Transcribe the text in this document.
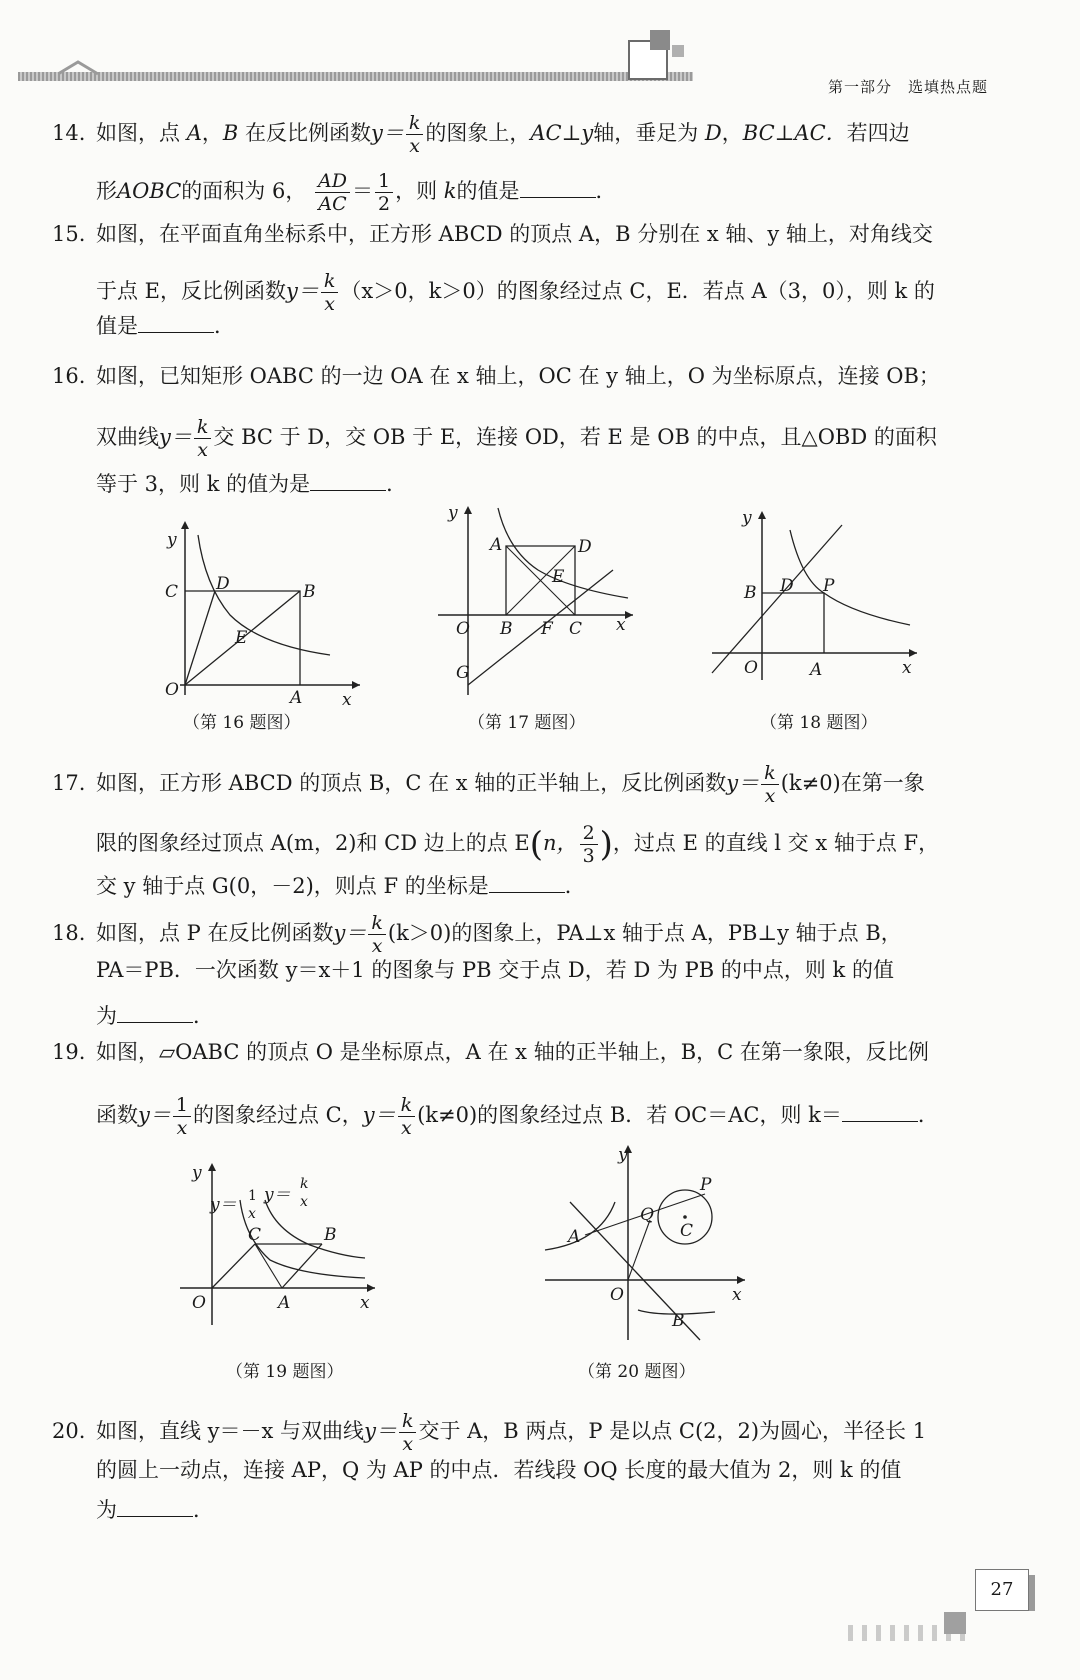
第一部分　选填热点题
14. 如图，点 A，B 在反比例函数$y= \frac{k}{x}$ 的图象上，AC⊥y轴，垂足为 D，BC⊥AC．若四边
形AOBC的面积为 6， $\frac{AD}{AC} = \frac{1}{2}$ ，则 k的值是	．
15. 如图，在平面直角坐标系中，正方形 ABCD 的顶点 A，B 分别在 x 轴、y 轴上，对角线交
于点 E，反比例函数$y= \frac{k}{x} (x>0$，k＞0）的图象经过点 C，E．若点 A（3，0），则 k 的
值是	．
16. 如图，已知矩形 OABC 的一边 OA 在 x 轴上，OC 在 y 轴上，O 为坐标原点，连接 OB；
双曲线$y= \frac{k}{x}$ 交 BC 于 D，交 OB 于 E，连接 OD，若 E 是 OB 的中点，且△OBD 的面积
等于 3，则 k 的值为是	．
y
x
C D	B
E
O	A
（第 16 题图）
y
x
A	D
E
O B F C
G
（第 17 题图）
y
x
B D P
O	A
（第 18 题图）
17. 如图，正方形 ABCD 的顶点 B，C 在 x 轴的正半轴上，反比例函数$y= \frac{k}{x} (k\ne 0)$在第一象
限的图象经过顶点 A(m，2)和 CD 边上的点 E(n， $\frac{2}{3}$ )，过点 E 的直线 l 交 x 轴于点 F，
交 y 轴于点 G(0，－2)，则点 F 的坐标是	．
18. 如图，点 P 在反比例函数$y= \frac{k}{x} (k>0)$的图象上，PA⊥x 轴于点 A，PB⊥y 轴于点 B，
PA＝PB．一次函数 y＝x＋1 的图象与 PB 交于点 D，若 D 为 PB 的中点，则 k 的值
为	．
19. 如图，▱OABC 的顶点 O 是坐标原点，A 在 x 轴的正半轴上，B，C 在第一象限，反比例
函数$y= \frac{1}{x}$ 的图象经过点 C，$y= \frac{k}{x} (k\ne 0)$的图象经过点 B．若 OC＝AC，则 k＝	．
y
x
O	A
C	B
y＝ 1
x
y＝
k
x
（第 19 题图）
y
x
O
A
B
Q
P
C
（第 20 题图）
20. 如图，直线 y＝－x 与双曲线$y= \frac{k}{x}$ 交于 A，B 两点，P 是以点 C(2，2)为圆心，半径长 1
的圆上一动点，连接 AP，Q 为 AP 的中点．若线段 OQ 长度的最大值为 2，则 k 的值
为	．
27
